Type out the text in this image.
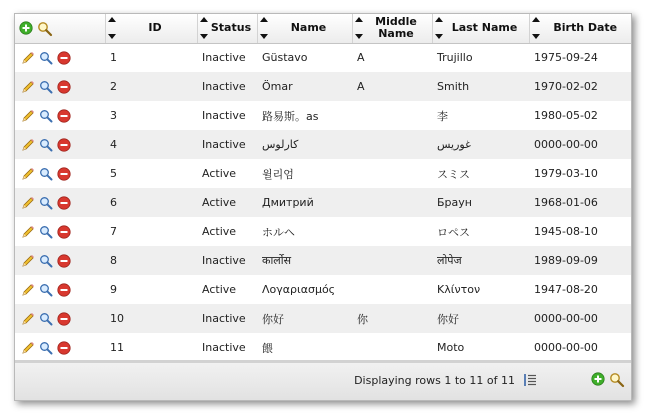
ID	Status	Name	Middle Name	Last Name	Birth Date

	1	Inactive	Güstavo	A	Trujillo	1975-09-24

	2	Inactive	Ömar	A	Smith	1970-02-02

	3	Inactive	路易斯。as		李	1980-05-02

	4	Inactive	كارلوس		غوريس	0000-00-00

	5	Active	윌리엄		スミス	1979-03-10

	6	Active	Дмитрий		Браун	1968-01-06

	7	Active	ホルヘ		ロペス	1945-08-10

	8	Inactive	कार्लोस		लोपेज	1989-09-09

	9	Active	Λογαριασμός		Κλίντον	1947-08-20

	10	Inactive	你好	你	你好	0000-00-00

	11	Inactive	餵		Moto	0000-00-00
Displaying rows 1 to 11 of 11
